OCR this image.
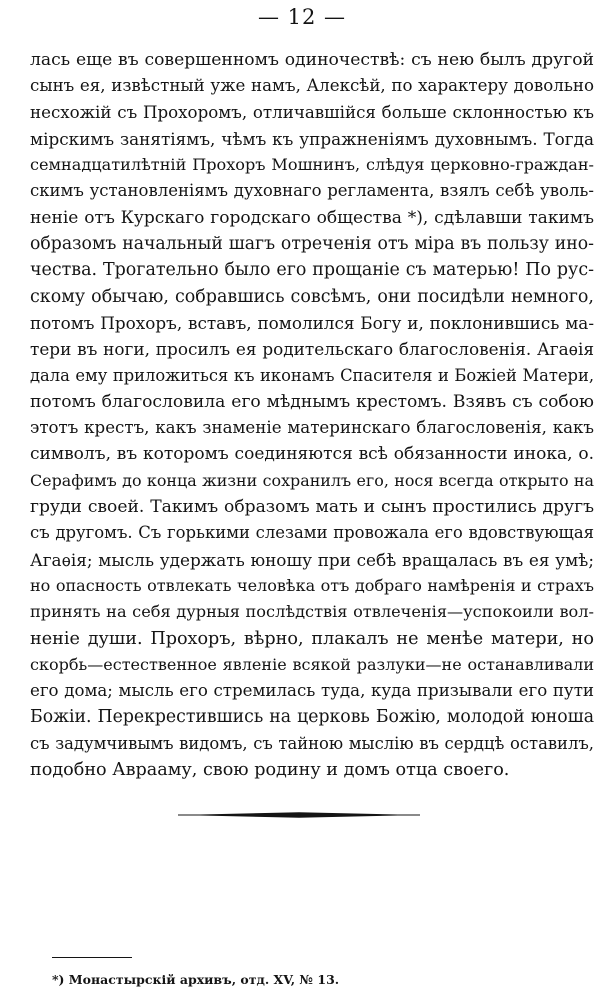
— 12 —
лась еще въ совершенномъ одиночествѣ: съ нею былъ другой
сынъ ея, извѣстный уже намъ, Алексѣй, по характеру довольно
несхожій съ Прохоромъ, отличавшійся больше склонностью къ
мірскимъ занятіямъ, чѣмъ къ упражненіямъ духовнымъ. Тогда
семнадцатилѣтній Прохоръ Мошнинъ, слѣдуя церковно-граждан-
скимъ установленіямъ духовнаго регламента, взялъ себѣ уволь-
неніе отъ Курскаго городскаго общества *), сдѣлавши такимъ
образомъ начальный шагъ отреченія отъ міра въ пользу ино-
чества. Трогательно было его прощаніе съ матерью! По рус-
скому обычаю, собравшись совсѣмъ, они посидѣли немного,
потомъ Прохоръ, вставъ, помолился Богу и, поклонившись ма-
тери въ ноги, просилъ ея родительскаго благословенія. Агаѳія
дала ему приложиться къ иконамъ Спасителя и Божіей Матери,
потомъ благословила его мѣднымъ крестомъ. Взявъ съ собою
этотъ крестъ, какъ знаменіе материнскаго благословенія, какъ
символъ, въ которомъ соединяются всѣ обязанности инока, о.
Серафимъ до конца жизни сохранилъ его, нося всегда открыто на
груди своей. Такимъ образомъ мать и сынъ простились другъ
съ другомъ. Съ горькими слезами провожала его вдовствующая
Агаѳія; мысль удержать юношу при себѣ вращалась въ ея умѣ;
но опасность отвлекать человѣка отъ добраго намѣренія и страхъ
принять на себя дурныя послѣдствія отвлеченія—успокоили вол-
неніе души. Прохоръ, вѣрно, плакалъ не менѣе матери, но
скорбь—естественное явленіе всякой разлуки—не останавливали
его дома; мысль его стремилась туда, куда призывали его пути
Божіи. Перекрестившись на церковь Божію, молодой юноша
съ задумчивымъ видомъ, съ тайною мыслію въ сердцѣ оставилъ,
подобно Аврааму, свою родину и домъ отца своего.
*) Монастырскій архивъ, отд. XV, № 13.
